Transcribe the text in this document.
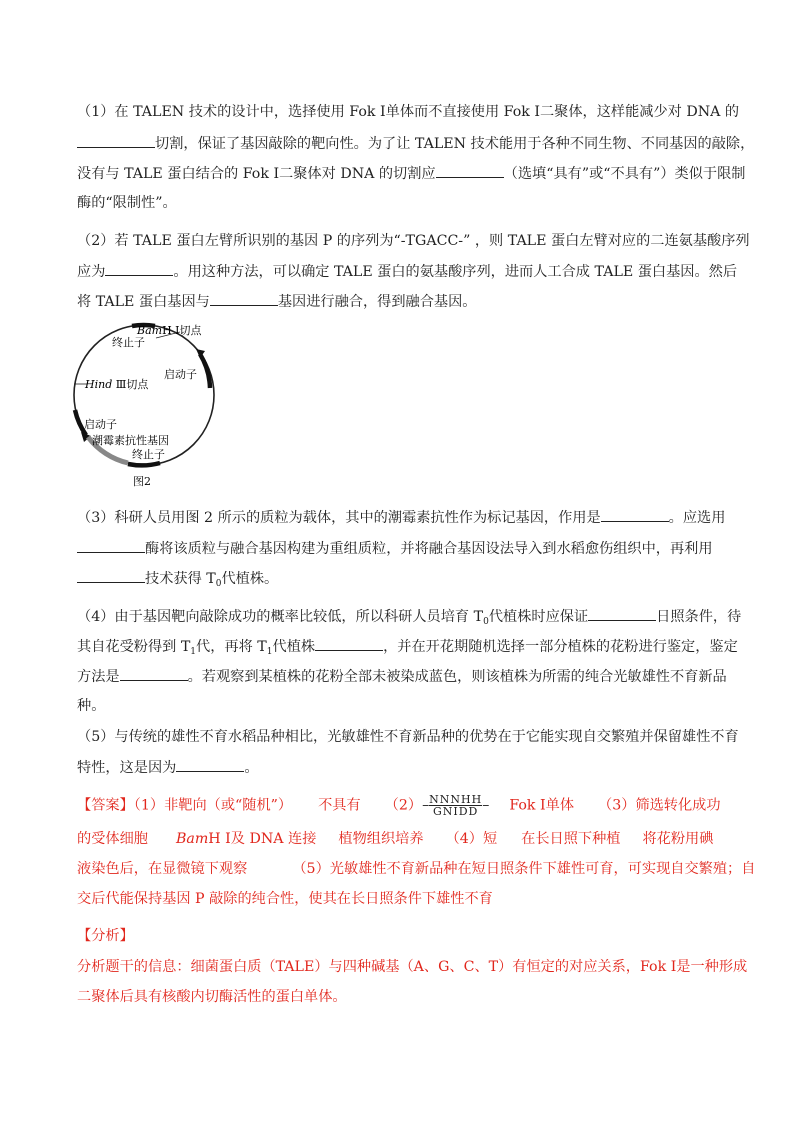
（1）在 TALEN 技术的设计中，选择使用 Fok Ⅰ单体而不直接使用 Fok Ⅰ二聚体，这样能减少对 DNA 的
切割，保证了基因敲除的靶向性。为了让 TALEN 技术能用于各种不同生物、不同基因的敲除，
没有与 TALE 蛋白结合的 Fok Ⅰ二聚体对 DNA 的切割应	（选填“具有”或“不具有”）类似于限制
酶的“限制性”。
（2）若 TALE 蛋白左臂所识别的基因 P 的序列为“-TGACC-” ，则 TALE 蛋白左臂对应的二连氨基酸序列
应为	。用这种方法，可以确定 TALE 蛋白的氨基酸序列，进而人工合成 TALE 蛋白基因。然后
将 TALE 蛋白基因与	基因进行融合，得到融合基因。
BamH Ⅰ切点
终止子
启动子
Hind Ⅲ切点
启动子
潮霉素抗性基因
终止子
图2
（3）科研人员用图 2 所示的质粒为载体，其中的潮霉素抗性作为标记基因，作用是	。应选用
酶将该质粒与融合基因构建为重组质粒，并将融合基因设法导入到水稻愈伤组织中，再利用
技术获得 $T_0$代植株。
（4）由于基因靶向敲除成功的概率比较低，所以科研人员培育 $T_0$代植株时应保证	日照条件，待
其自花受粉得到 $T_1$代，再将 $T_1$代植株	，并在开花期随机选择一部分植株的花粉进行鉴定，鉴定
方法是	。若观察到某植株的花粉全部未被染成蓝色，则该植株为所需的纯合光敏雄性不育新品
种。
（5）与传统的雄性不育水稻品种相比，光敏雄性不育新品种的优势在于它能实现自交繁殖并保留雄性不育
特性，这是因为	。
【答案】（1）非靶向（或“随机”） 不具有 （2）– NNNHH
GNIDD – Fok Ⅰ单体 （3）筛选转化成功
的受体细胞 BamH Ⅰ及 DNA 连接 植物组织培养 （4）短 在长日照下种植 将花粉用碘
液染色后，在显微镜下观察          （5）光敏雄性不育新品种在短日照条件下雄性可育，可实现自交繁殖；自
交后代能保持基因 P 敲除的纯合性，使其在长日照条件下雄性不育
【分析】
分析题干的信息：细菌蛋白质（TALE）与四种碱基（A、G、C、T）有恒定的对应关系，Fok Ⅰ是一种形成
二聚体后具有核酸内切酶活性的蛋白单体。
